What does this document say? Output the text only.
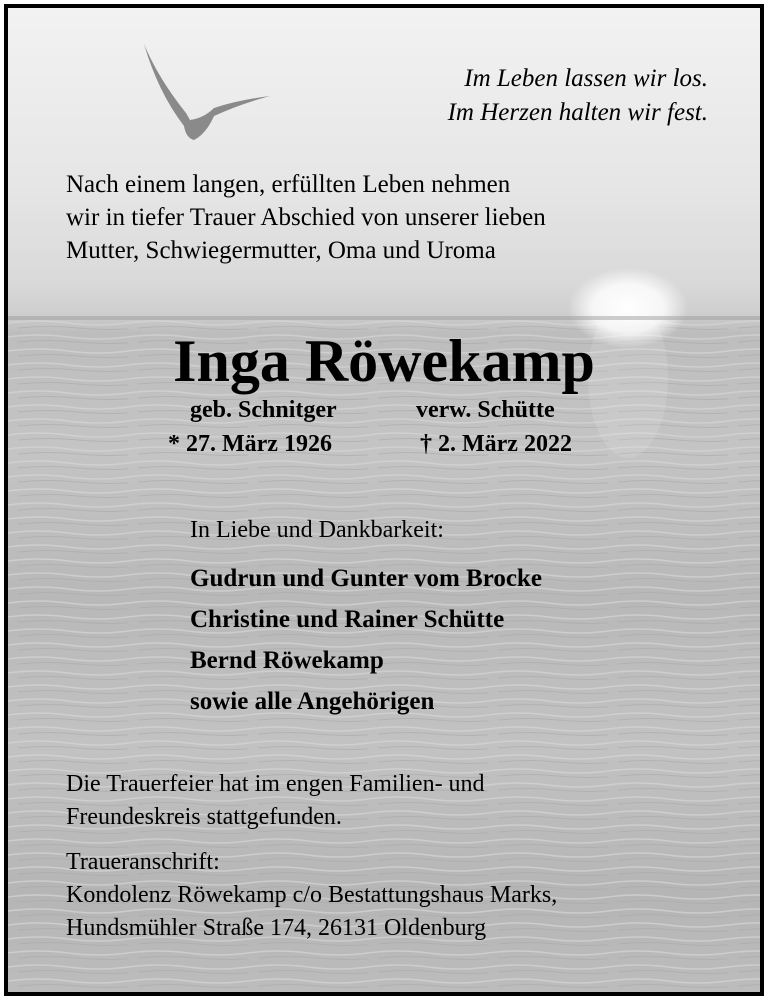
Im Leben lassen wir los.
Im Herzen halten wir fest.

Nach einem langen, erfüllten Leben nehmen
wir in tiefer Trauer Abschied von unserer lieben
Mutter, Schwiegermutter, Oma und Uroma

Inga Röwekamp
geb. Schnitger	verw. Schütte
* 27. März 1926	† 2. März 2022
In Liebe und Dankbarkeit:
Gudrun und Gunter vom Brocke
Christine und Rainer Schütte
Bernd Röwekamp
sowie alle Angehörigen

Die Trauerfeier hat im engen Familien- und
Freundeskreis stattgefunden.

Traueranschrift:
Kondolenz Röwekamp c/o Bestattungshaus Marks,
Hundsmühler Straße 174, 26131 Oldenburg
